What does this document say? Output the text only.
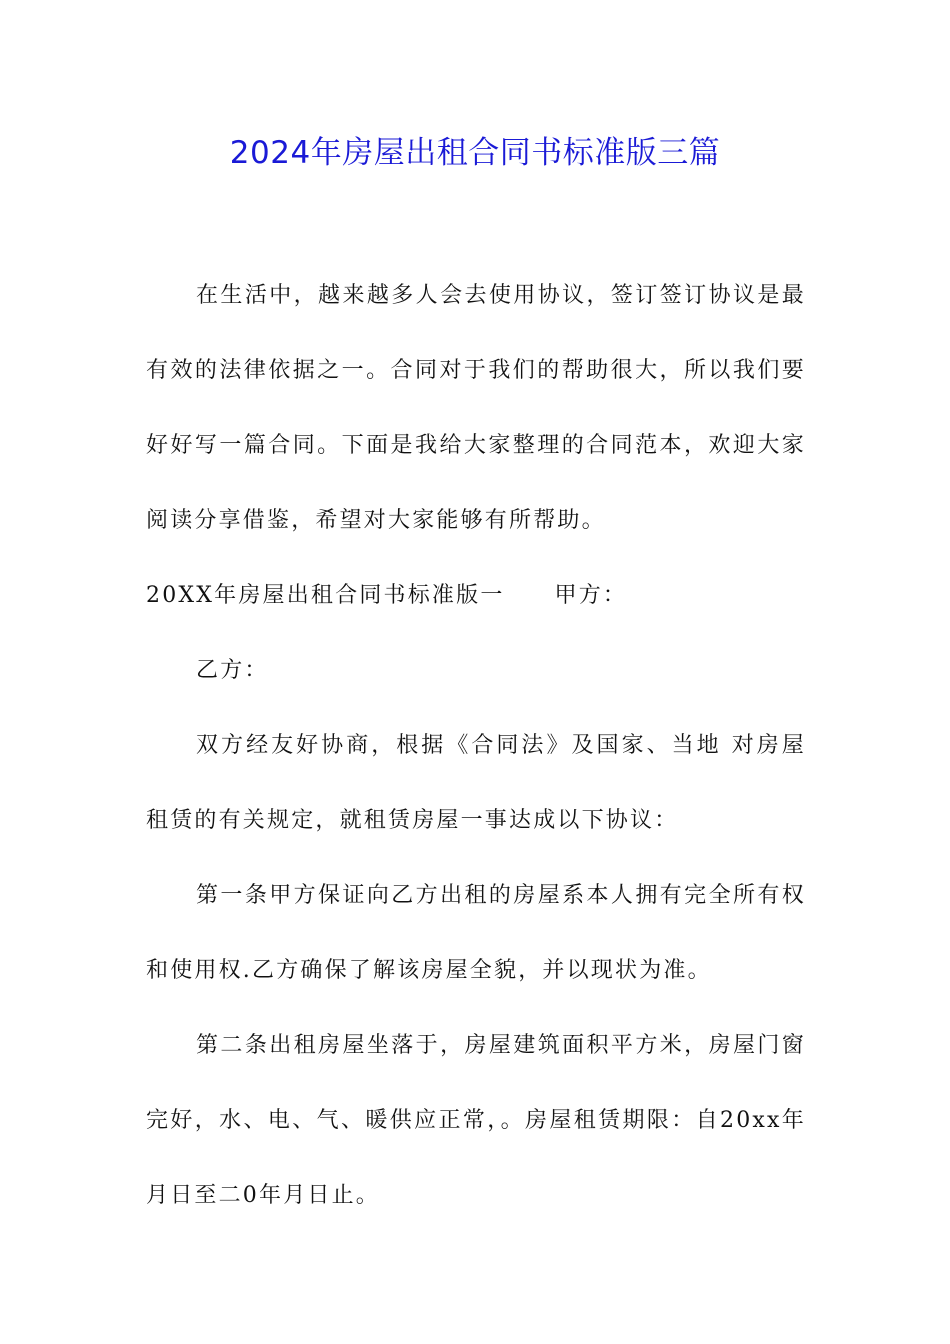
2024年房屋出租合同书标准版三篇

在生活中，越来越多人会去使用协议，签订签订协议是最有效的法律依据之一。合同对于我们的帮助很大，所以我们要好好写一篇合同。下面是我给大家整理的合同范本，欢迎大家阅读分享借鉴，希望对大家能够有所帮助。

20XX年房屋出租合同书标准版一 甲方：

乙方：

双方经友好协商，根据《合同法》及国家、当地 对房屋租赁的有关规定，就租赁房屋一事达成以下协议：

第一条甲方保证向乙方出租的房屋系本人拥有完全所有权和使用权.乙方确保了解该房屋全貌，并以现状为准。

第二条出租房屋坐落于，房屋建筑面积平方米，房屋门窗完好，水、电、气、暖供应正常，。房屋租赁期限：自20xx年月日至二0年月日止。
